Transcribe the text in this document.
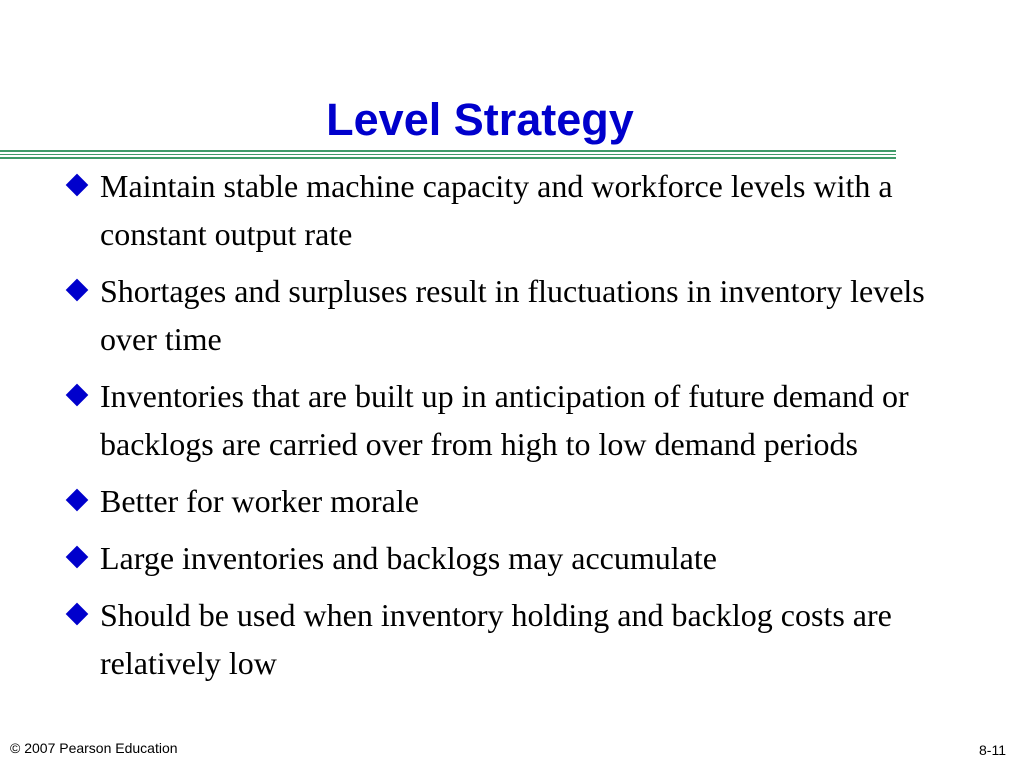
Level Strategy
Maintain stable machine capacity and workforce levels with a constant output rate
Shortages and surpluses result in fluctuations in inventory levels over time
Inventories that are built up in anticipation of future demand or backlogs are carried over from high to low demand periods
Better for worker morale
Large inventories and backlogs may accumulate
Should be used when inventory holding and backlog costs are relatively low
© 2007 Pearson Education	8-11
